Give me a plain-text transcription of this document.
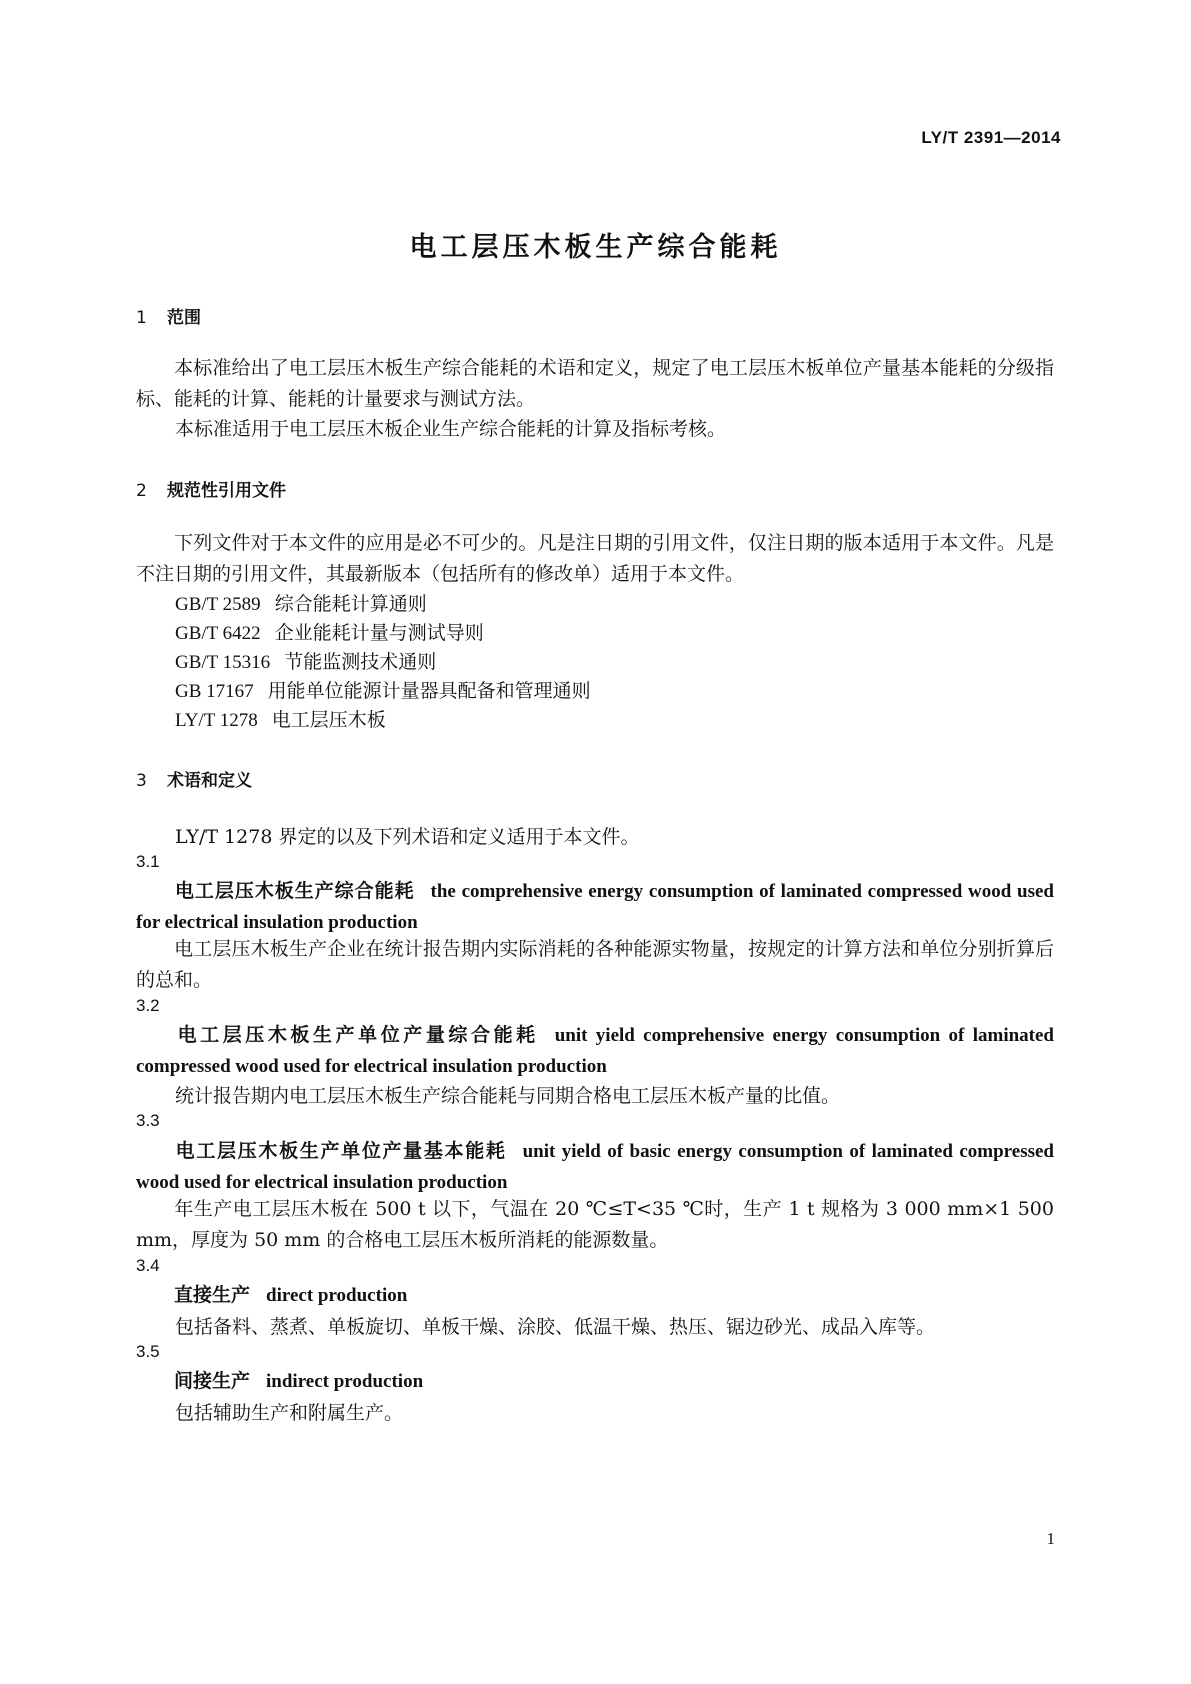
LY/T 2391—2014
电工层压木板生产综合能耗
1 范围
本标准给出了电工层压木板生产综合能耗的术语和定义，规定了电工层压木板单位产量基本能耗的分级指标、能耗的计算、能耗的计量要求与测试方法。
本标准适用于电工层压木板企业生产综合能耗的计算及指标考核。
2 规范性引用文件
下列文件对于本文件的应用是必不可少的。凡是注日期的引用文件，仅注日期的版本适用于本文件。凡是不注日期的引用文件，其最新版本（包括所有的修改单）适用于本文件。
GB/T 2589 综合能耗计算通则
GB/T 6422 企业能耗计量与测试导则
GB/T 15316 节能监测技术通则
GB 17167 用能单位能源计量器具配备和管理通则
LY/T 1278 电工层压木板
3 术语和定义
LY/T 1278 界定的以及下列术语和定义适用于本文件。
3.1
电工层压木板生产综合能耗 the comprehensive energy consumption of laminated compressed wood used for electrical insulation production
电工层压木板生产企业在统计报告期内实际消耗的各种能源实物量，按规定的计算方法和单位分别折算后的总和。
3.2
电工层压木板生产单位产量综合能耗 unit yield comprehensive energy consumption of laminated compressed wood used for electrical insulation production
统计报告期内电工层压木板生产综合能耗与同期合格电工层压木板产量的比值。
3.3
电工层压木板生产单位产量基本能耗 unit yield of basic energy consumption of laminated compressed wood used for electrical insulation production
年生产电工层压木板在 500 t 以下，气温在 20 ℃≤T<35 ℃时，生产 1 t 规格为 3 000 mm×1 500 mm，厚度为 50 mm 的合格电工层压木板所消耗的能源数量。
3.4
直接生产 direct production
包括备料、蒸煮、单板旋切、单板干燥、涂胶、低温干燥、热压、锯边砂光、成品入库等。
3.5
间接生产 indirect production
包括辅助生产和附属生产。
1
